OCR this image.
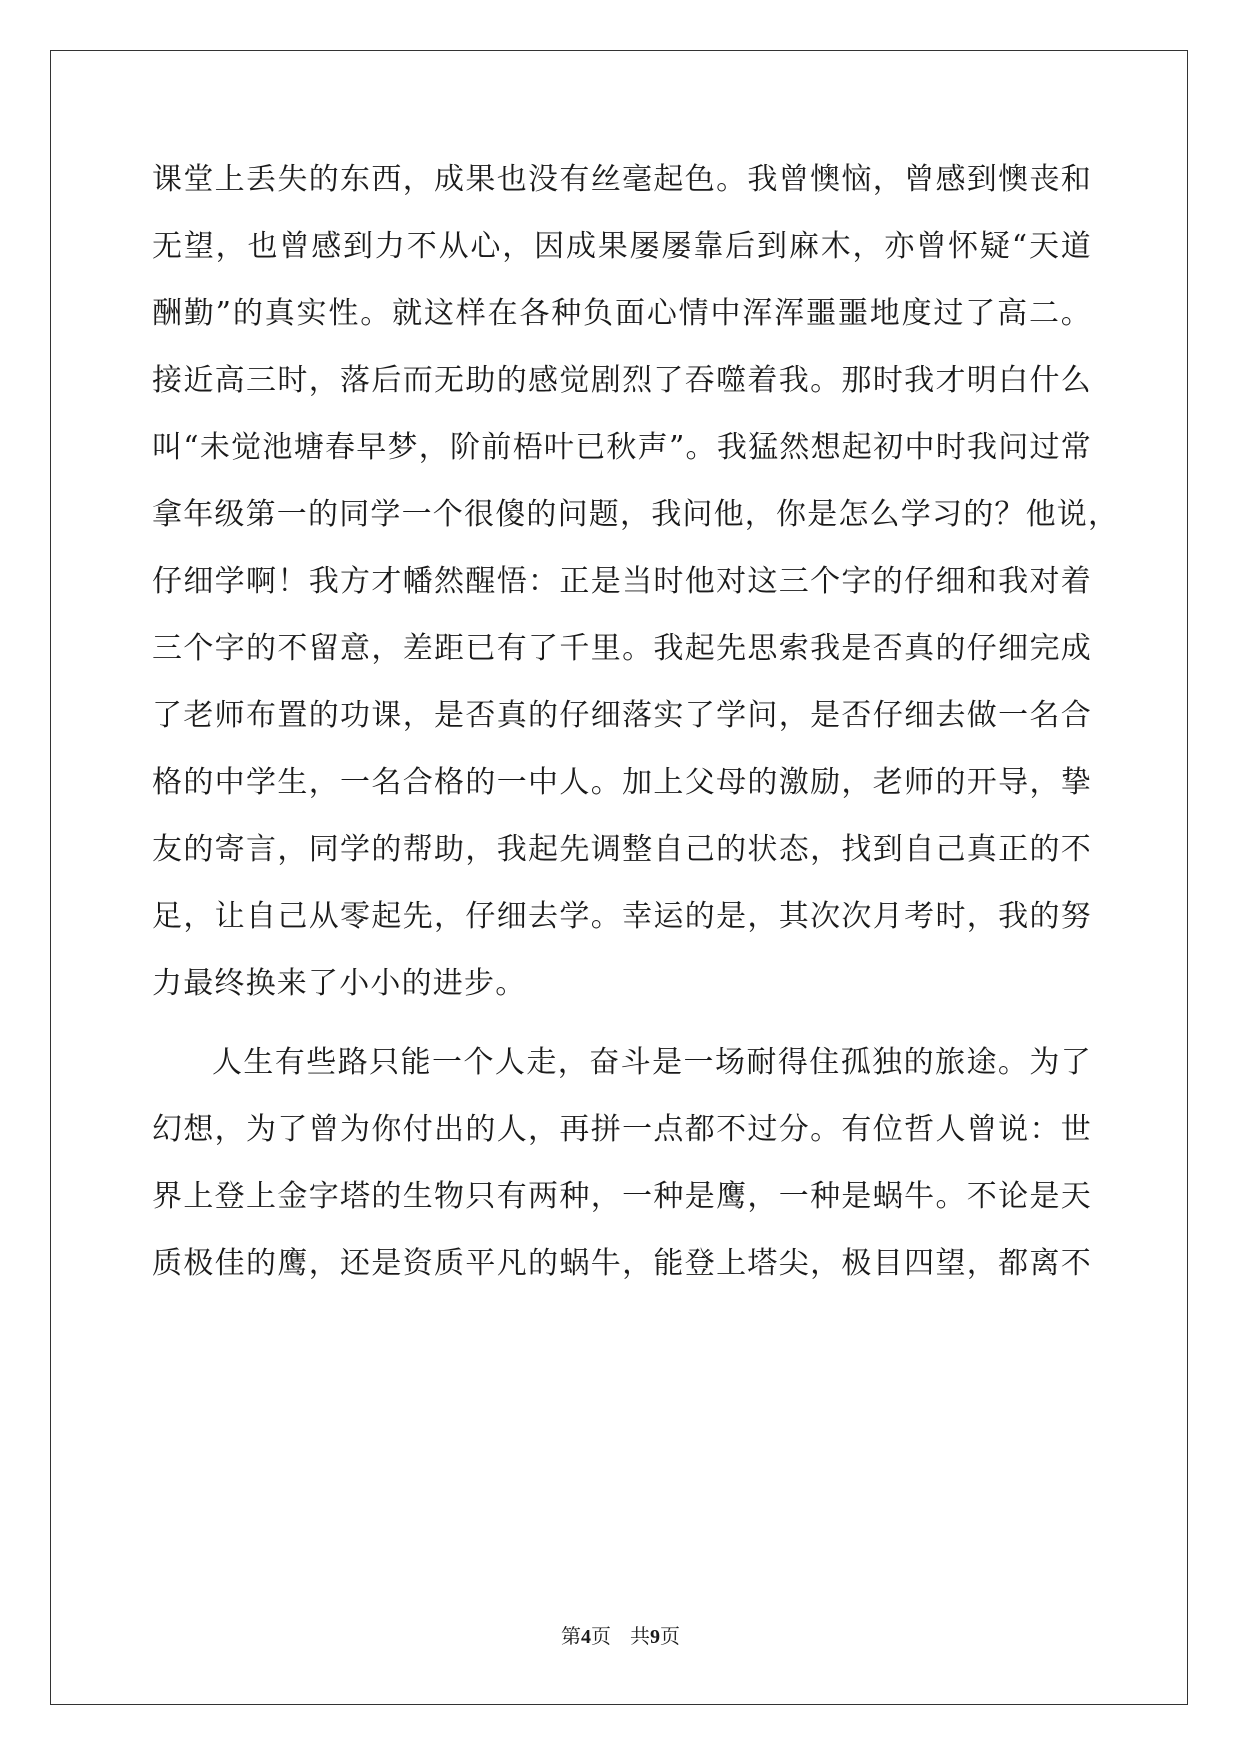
课堂上丢失的东西，成果也没有丝毫起色。我曾懊恼，曾感到懊丧和
无望，也曾感到力不从心，因成果屡屡靠后到麻木，亦曾怀疑“天道
酬勤”的真实性。就这样在各种负面心情中浑浑噩噩地度过了高二。
接近高三时，落后而无助的感觉剧烈了吞噬着我。那时我才明白什么
叫“未觉池塘春早梦，阶前梧叶已秋声”。我猛然想起初中时我问过常
拿年级第一的同学一个很傻的问题，我问他，你是怎么学习的？他说，
仔细学啊！我方才幡然醒悟：正是当时他对这三个字的仔细和我对着
三个字的不留意，差距已有了千里。我起先思索我是否真的仔细完成
了老师布置的功课，是否真的仔细落实了学问，是否仔细去做一名合
格的中学生，一名合格的一中人。加上父母的激励，老师的开导，挚
友的寄言，同学的帮助，我起先调整自己的状态，找到自己真正的不
足，让自己从零起先，仔细去学。幸运的是，其次次月考时，我的努
力最终换来了小小的进步。
人生有些路只能一个人走，奋斗是一场耐得住孤独的旅途。为了
幻想，为了曾为你付出的人，再拼一点都不过分。有位哲人曾说：世
界上登上金字塔的生物只有两种，一种是鹰，一种是蜗牛。不论是天
质极佳的鹰，还是资质平凡的蜗牛，能登上塔尖，极目四望，都离不
第4页   共9页
